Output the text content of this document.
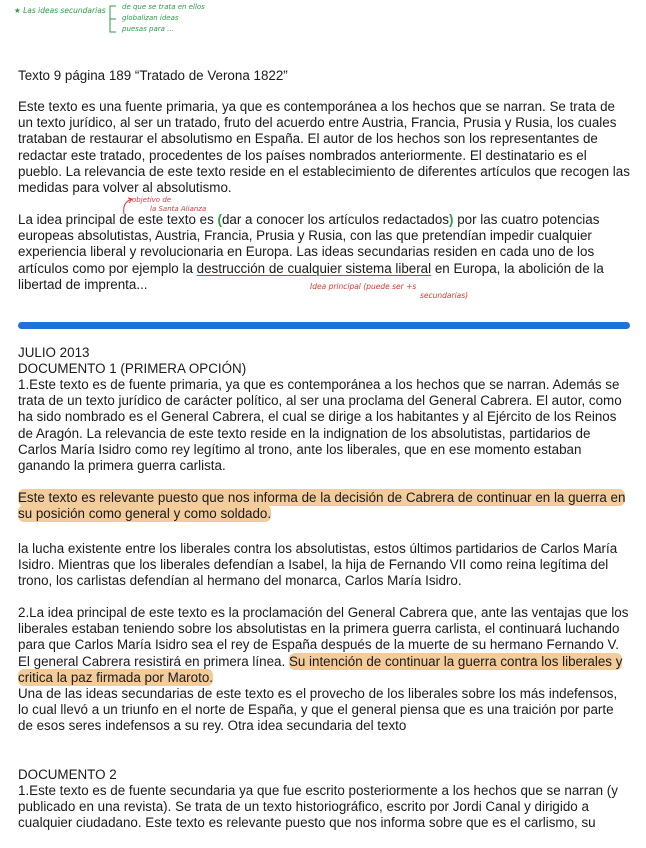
★ Las ideas secundarias de que se trata en ellos
globalizan ideas
puesas para …

Texto 9 página 189 “Tratado de Verona 1822”

Este texto es una fuente primaria, ya que es contemporánea a los hechos que se narran. Se trata de un texto jurídico, al ser un tratado, fruto del acuerdo entre Austria, Francia, Prusia y Rusia, los cuales trataban de restaurar el absolutismo en España. El autor de los hechos son los representantes de redactar este tratado, procedentes de los países nombrados anteriormente. El destinatario es el pueblo. La relevancia de este texto reside en el establecimiento de diferentes artículos que recogen las medidas para volver al absolutismo.

objetivo de
la Santa Alianza

La idea principal de este texto es (dar a conocer los artículos redactados) por las cuatro potencias europeas absolutistas, Austria, Francia, Prusia y Rusia, con las que pretendían impedir cualquier experiencia liberal y revolucionaria en Europa. Las ideas secundarias residen en cada uno de los artículos como por ejemplo la destrucción de cualquier sistema liberal en Europa, la abolición de la libertad de imprenta...	Idea principal (puede ser +s
secundarias)

JULIO 2013

DOCUMENTO 1 (PRIMERA OPCIÓN)

1.Este texto es de fuente primaria, ya que es contemporánea a los hechos que se narran. Además se trata de un texto jurídico de carácter político, al ser una proclama del General Cabrera. El autor, como ha sido nombrado es el General Cabrera, el cual se dirige a los habitantes y al Ejército de los Reinos de Aragón. La relevancia de este texto reside en la indignation de los absolutistas, partidarios de Carlos María Isidro como rey legítimo al trono, ante los liberales, que en ese momento estaban ganando la primera guerra carlista.

Este texto es relevante puesto que nos informa de la decisión de Cabrera de continuar en la guerra en su posición como general y como soldado.

la lucha existente entre los liberales contra los absolutistas, estos últimos partidarios de Carlos María Isidro. Mientras que los liberales defendían a Isabel, la hija de Fernando VII como reina legítima del trono, los carlistas defendían al hermano del monarca, Carlos María Isidro.

2.La idea principal de este texto es la proclamación del General Cabrera que, ante las ventajas que los liberales estaban teniendo sobre los absolutistas en la primera guerra carlista, el continuará luchando para que Carlos María Isidro sea el rey de España después de la muerte de su hermano Fernando V. El general Cabrera resistirá en primera línea. Su intención de continuar la guerra contra los liberales y critica la paz firmada por Maroto.

Una de las ideas secundarias de este texto es el provecho de los liberales sobre los más indefensos, lo cual llevó a un triunfo en el norte de España, y que el general piensa que es una traición por parte de esos seres indefensos a su rey. Otra idea secundaria del texto

DOCUMENTO 2

1.Este texto es de fuente secundaria ya que fue escrito posteriormente a los hechos que se narran (y publicado en una revista). Se trata de un texto historiográfico, escrito por Jordi Canal y dirigido a cualquier ciudadano. Este texto es relevante puesto que nos informa sobre que es el carlismo, su
